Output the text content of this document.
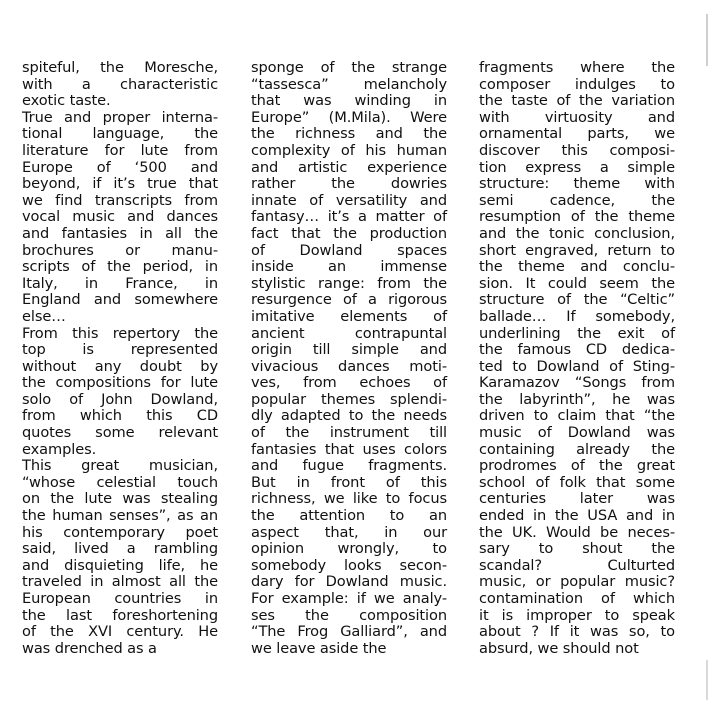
spiteful, the Moresche,
with a characteristic
exotic taste.
True and proper interna-
tional language, the
literature for lute from
Europe of ‘500 and
beyond, if it’s true that
we find transcripts from
vocal music and dances
and fantasies in all the
brochures or manu-
scripts of the period, in
Italy, in France, in
England and somewhere
else…
From this repertory the
top is represented
without any doubt by
the compositions for lute
solo of John Dowland,
from which this CD
quotes some relevant
examples.
This great musician,
“whose celestial touch
on the lute was stealing
the human senses”, as an
his contemporary poet
said, lived a rambling
and disquieting life, he
traveled in almost all the
European countries in
the last foreshortening
of the XVI century. He
was drenched as a
sponge of the strange
“tassesca” melancholy
that was winding in
Europe” (M.Mila). Were
the richness and the
complexity of his human
and artistic experience
rather the dowries
innate of versatility and
fantasy… it’s a matter of
fact that the production
of Dowland spaces
inside an immense
stylistic range: from the
resurgence of a rigorous
imitative elements of
ancient contrapuntal
origin till simple and
vivacious dances moti-
ves, from echoes of
popular themes splendi-
dly adapted to the needs
of the instrument till
fantasies that uses colors
and fugue fragments.
But in front of this
richness, we like to focus
the attention to an
aspect that, in our
opinion wrongly, to
somebody looks secon-
dary for Dowland music.
For example: if we analy-
ses the composition
“The Frog Galliard”, and
we leave aside the
fragments where the
composer indulges to
the taste of the variation
with virtuosity and
ornamental parts, we
discover this composi-
tion express a simple
structure: theme with
semi cadence, the
resumption of the theme
and the tonic conclusion,
short engraved, return to
the theme and conclu-
sion. It could seem the
structure of the “Celtic”
ballade… If somebody,
underlining the exit of
the famous CD dedica-
ted to Dowland of Sting-
Karamazov “Songs from
the labyrinth”, he was
driven to claim that “the
music of Dowland was
containing already the
prodromes of the great
school of folk that some
centuries later was
ended in the USA and in
the UK. Would be neces-
sary to shout the
scandal? Culturted
music, or popular music?
contamination of which
it is improper to speak
about ? If it was so, to
absurd, we should not
